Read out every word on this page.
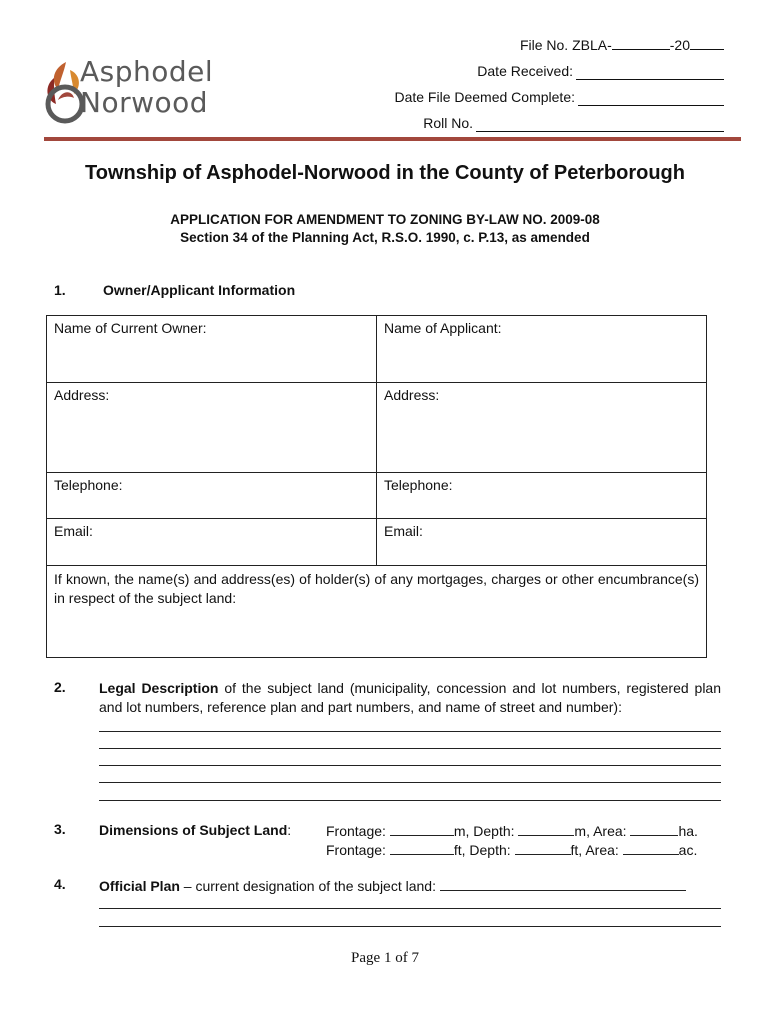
Asphodel
Norwood
File No. ZBLA-	-20
Date Received:
Date File Deemed Complete:
Roll No.
Township of Asphodel-Norwood in the County of Peterborough
APPLICATION FOR AMENDMENT TO ZONING BY-LAW NO. 2009-08
Section 34 of the Planning Act, R.S.O. 1990, c. P.13, as amended
1.	Owner/Applicant Information
Name of Current Owner:	Name of Applicant:
Address:	Address:
Telephone:	Telephone:
Email:	Email:
If known, the name(s) and address(es) of holder(s) of any mortgages, charges or other encumbrance(s) in respect of the subject land:	
2. Legal Description of the subject land (municipality, concession and lot numbers, registered plan and lot numbers, reference plan and part numbers, and name of street and number):
3. Dimensions of Subject Land:	Frontage:	m, Depth:	m, Area:	ha.
Frontage:	ft, Depth:	ft, Area:	ac.
4. Official Plan – current designation of the subject land:
Page 1 of 7
